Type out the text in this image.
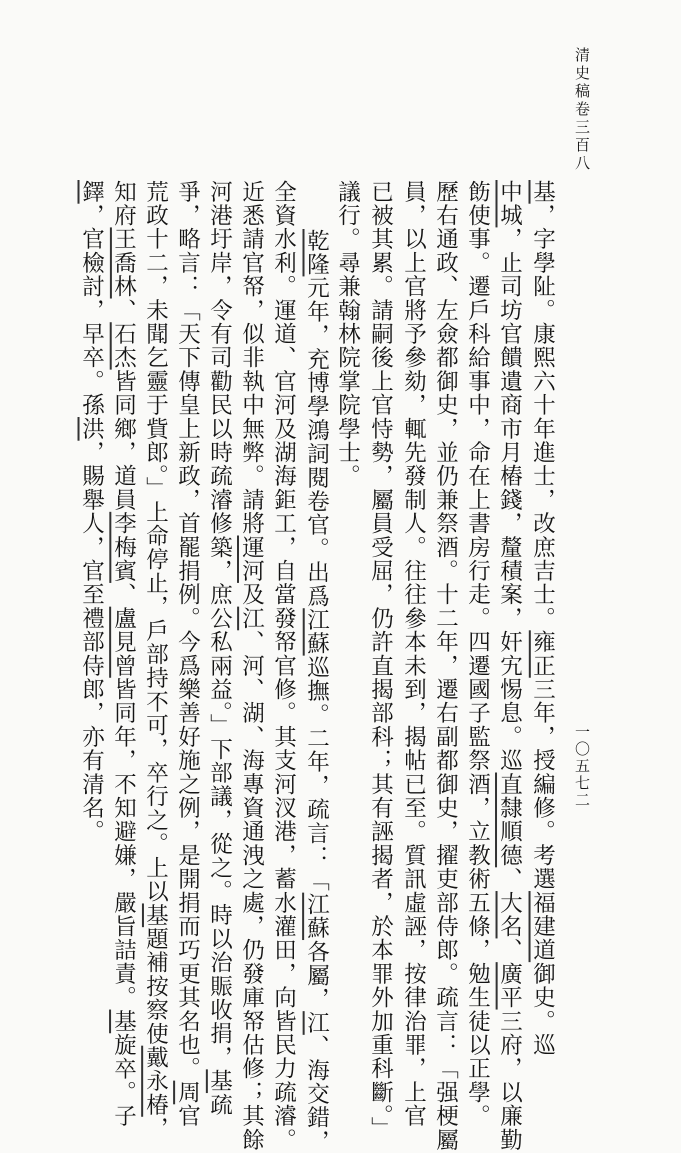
清史稿卷三百八
一〇五七二
基，字學阯。康熙六十年進士，改庶吉士。雍正三年，授編修。考選福建道御史。巡
中城，止司坊官饋遺商市月樁錢，釐積案，奸宄惕息。巡直隸順德、大名、廣平三府，以廉勤
飭使事。遷戶科給事中，命在上書房行走。四遷國子監祭酒，立教術五條，勉生徒以正學。
歷右通政、左僉都御史，並仍兼祭酒。十二年，遷右副都御史，擢吏部侍郎。疏言：「强梗屬
員，以上官將予參劾，輒先發制人。往往參本未到，揭帖已至。質訊虛誣，按律治罪，上官
已被其累。請嗣後上官恃勢，屬員受屈，仍許直揭部科；其有誣揭者，於本罪外加重科斷。」
議行。尋兼翰林院掌院學士。
乾隆元年，充博學鴻詞閱卷官。出爲江蘇巡撫。二年，疏言：「江蘇各屬，江、海交錯，
全資水利。運道、官河及湖海鉅工，自當發帑官修。其支河汊港，蓄水灌田，向皆民力疏濬。
近悉請官帑，似非執中無弊。請將運河及江、河、湖、海專資通洩之處，仍發庫帑估修；其餘
河港圩岸，令有司勸民以時疏濬修築，庶公私兩益。」下部議，從之。時以治賑收捐，基疏
爭，略言：「天下傳皇上新政，首罷捐例。今爲樂善好施之例，是開捐而巧更其名也。周官
荒政十二，未聞乞靈于貲郎。」上命停止，戶部持不可，卒行之。上以基題補按察使戴永椿，
知府王喬林、石杰皆同鄉，道員李梅賓、盧見曾皆同年，不知避嫌，嚴旨詰責。基旋卒。子
鐸，官檢討，早卒。孫洪，賜舉人，官至禮部侍郎，亦有清名。
